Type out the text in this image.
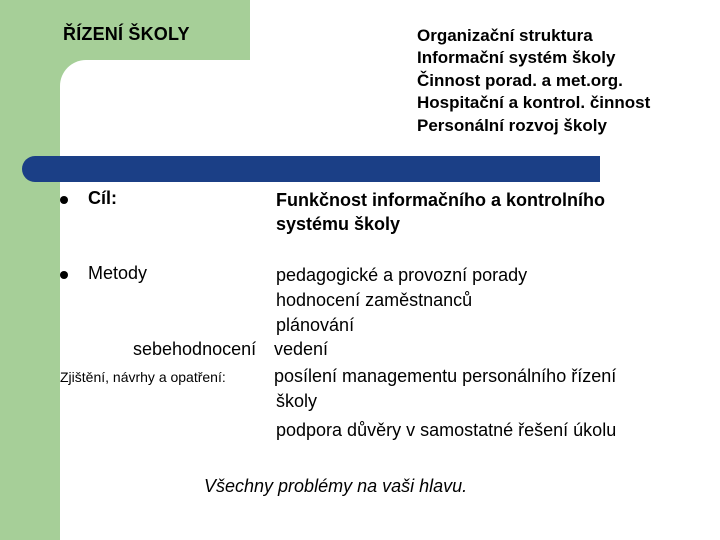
ŘÍZENÍ ŠKOLY	Organizační struktura
Informační systém školy
Činnost porad. a met.org.
Hospitační a kontrol. činnost
Personální rozvoj školy
Cíl:	Funkčnost informačního a kontrolního
systému školy
Metody	pedagogické a provozní porady
hodnocení zaměstnanců
plánování
sebehodnocení vedení
Zjištění, návrhy a opatření:	posílení managementu personálního řízení
školy
podpora důvěry v samostatné řešení úkolu
Všechny problémy na vaši hlavu.
